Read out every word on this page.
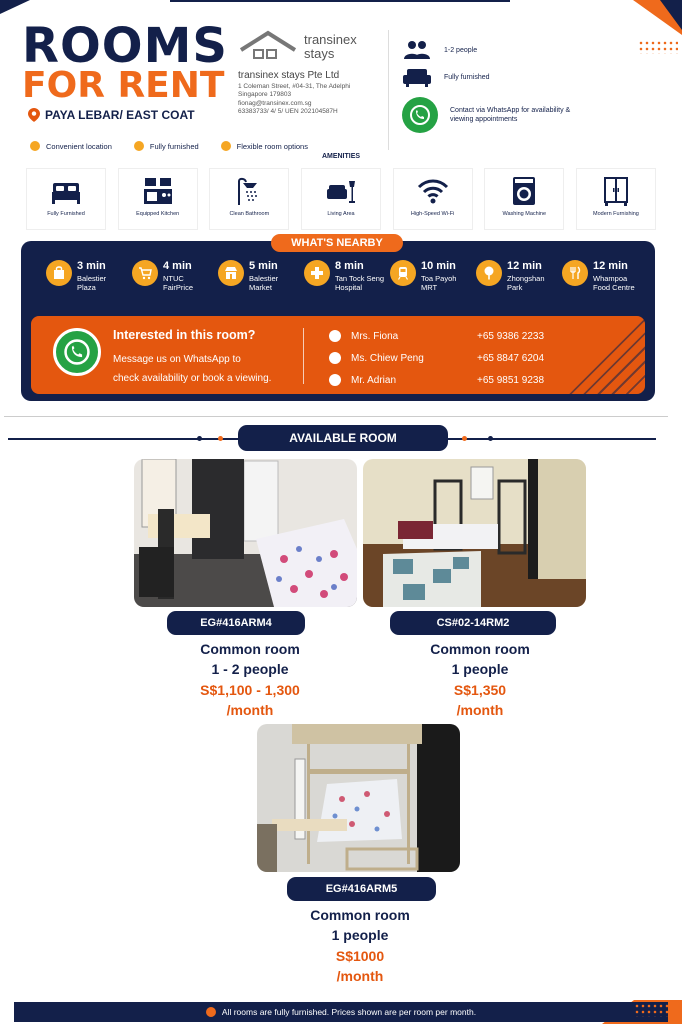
ROOMS
FOR RENT
PAYA LEBAR/ EAST COAT
transinex
stays
transinex stays Pte Ltd
1 Coleman Street, #04-31, The Adelphi
Singapore 179803
fionag@transinex.com.sg
63383733/ 4/ 5/ UEN 202104587H
1-2 people
Fully furnished
Contact via WhatsApp for availability & viewing appointments
Convenient location	Fully furnished	Flexible room options
AMENITIES
Fully Furnished	Equipped Kitchen	Clean Bathroom	Living Area	High-Speed Wi-Fi	Washing Machine	Modern Furnishing
WHAT'S NEARBY
3 min
Balestier
Plaza
4 min
NTUC
FairPrice
5 min
Balestier
Market
8 min
Tan Tock Seng
Hospital
10 min
Toa Payoh
MRT
12 min
Zhongshan
Park
12 min
Whampoa
Food Centre
Interested in this room?
Message us on WhatsApp to
check availability or book a viewing.
Mrs. Fiona	+65 9386 2233
Ms. Chiew Peng	+65 8847 6204
Mr. Adrian	+65 9851 9238
AVAILABLE ROOM
EG#416ARM4
Common room
1 - 2 people
S$1,100 - 1,300
/month
CS#02-14RM2
Common room
1 people
S$1,350
/month
EG#416ARM5
Common room
1 people
S$1000
/month
All rooms are fully furnished. Prices shown are per room per month.
